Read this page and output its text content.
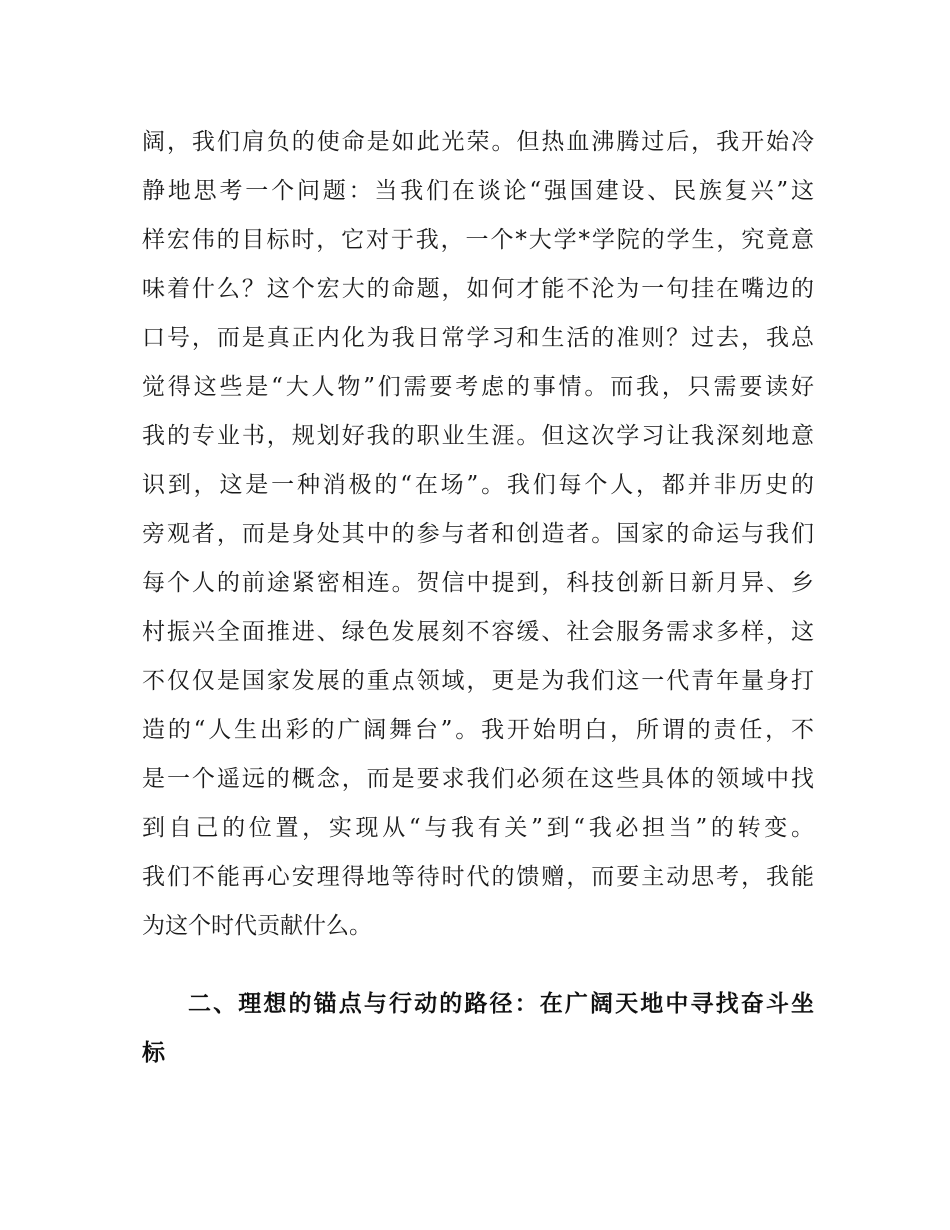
阔，我们肩负的使命是如此光荣。但热血沸腾过后，我开始冷
静地思考一个问题：当我们在谈论“强国建设、民族复兴”这
样宏伟的目标时，它对于我，一个*大学*学院的学生，究竟意
味着什么？这个宏大的命题，如何才能不沦为一句挂在嘴边的
口号，而是真正内化为我日常学习和生活的准则？过去，我总
觉得这些是“大人物”们需要考虑的事情。而我，只需要读好
我的专业书，规划好我的职业生涯。但这次学习让我深刻地意
识到，这是一种消极的“在场”。我们每个人，都并非历史的
旁观者，而是身处其中的参与者和创造者。国家的命运与我们
每个人的前途紧密相连。贺信中提到，科技创新日新月异、乡
村振兴全面推进、绿色发展刻不容缓、社会服务需求多样，这
不仅仅是国家发展的重点领域，更是为我们这一代青年量身打
造的“人生出彩的广阔舞台”。我开始明白，所谓的责任，不
是一个遥远的概念，而是要求我们必须在这些具体的领域中找
到自己的位置，实现从“与我有关”到“我必担当”的转变。
我们不能再心安理得地等待时代的馈赠，而要主动思考，我能
为这个时代贡献什么。
二、理想的锚点与行动的路径：在广阔天地中寻找奋斗坐
标
